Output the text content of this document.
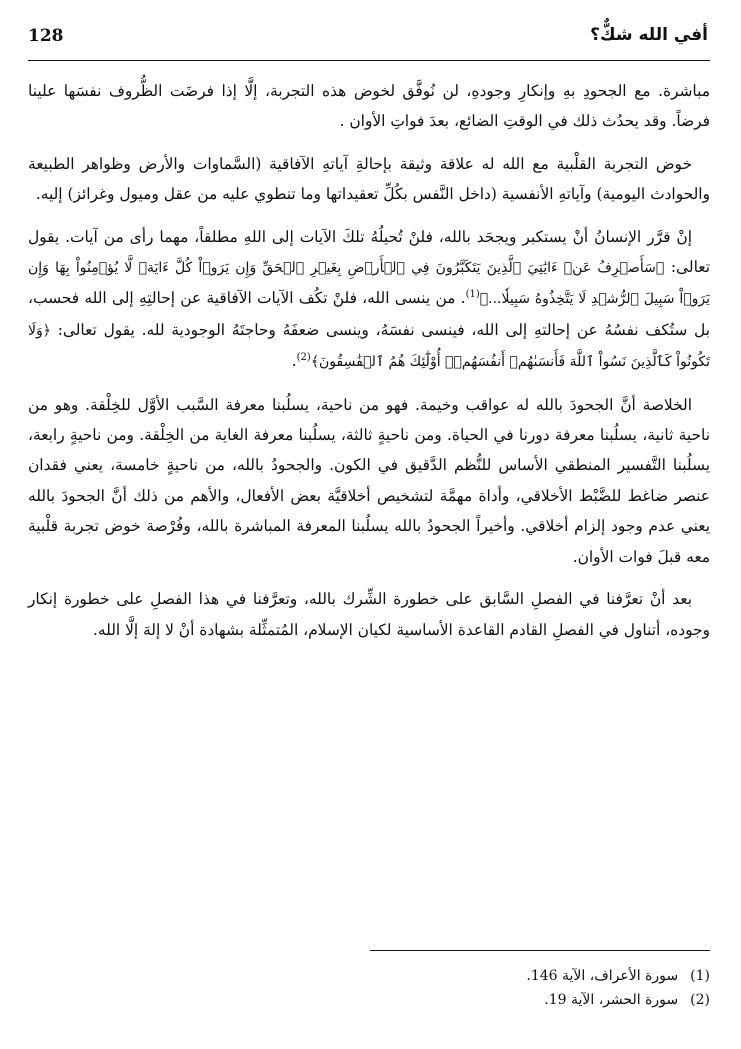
أفي الله شكٌّ؟
128

مباشرة. مع الجحودِ بهِ وإنكارِ وجودهِ، لن نُوفَّق لخوض هذه التجربة، إلَّا إذا فرضَت الظُّروف نفسَها علينا فرضاً. وقد يحدُث ذلك في الوقتِ الضائع، بعدَ فواتِ الأوان .

خوض التجربة القلْبية مع الله له علاقة وثيقة بإحالةِ آياتهِ الآفاقية (السَّماوات والأرض وظواهر الطبيعة والحوادث اليومية) وآياتهِ الأنفسية (داخل النَّفس بكُلِّ تعقيداتها وما تنطوي عليه من عقل وميول وغرائز) إليه.

إنْ قرَّر الإنسانُ أنْ يستكبر ويجحَد بالله، فلنْ تُحيلُهُ تلكَ الآيات إلى اللهِ مطلقاً، مهما رأى من آيات. يقول تعالى: ﴿سَأَصۡرِفُ عَنۡ ءَايَٰتِيَ ٱلَّذِينَ يَتَكَبَّرُونَ فِي ٱلۡأَرۡضِ بِغَيۡرِ ٱلۡحَقِّ وَإِن يَرَوۡاْ كُلَّ ءَايَةٖ لَّا يُؤۡمِنُواْ بِهَا وَإِن يَرَوۡاْ سَبِيلَ ٱلرُّشۡدِ لَا يَتَّخِذُوهُ سَبِيلٗا...﴾$^{(1)}$. من ينسى الله، فلنْ تكُف الآيات الآفاقية عن إحالتِهِ إلى الله فحسب، بل ستُكف نفسُهُ عن إحالتهِ إلى الله، فينسى نفسَهُ، وينسى ضعفَهُ وحاجتَهُ الوجودية لله. يقول تعالى: ﴿وَلَا تَكُونُواْ كَٱلَّذِينَ نَسُواْ ٱللَّهَ فَأَنسَىٰهُمۡ أَنفُسَهُمۡۚ أُوْلَٰٓئِكَ هُمُ ٱلۡفَٰسِقُونَ﴾$^{(2)}$.

الخلاصة أنَّ الجحودَ بالله له عواقب وخيمة. فهو من ناحية، يسلُبنا معرفة السَّبب الأوَّل للخِلْقة. وهو من ناحية ثانية، يسلُبنا معرفة دورنا في الحياة. ومن ناحيةٍ ثالثة، يسلُبنا معرفة الغاية من الخِلْقة. ومن ناحيةٍ رابعة، يسلُبنا التَّفسير المنطقي الأساس للنُّظم الدَّقيق في الكون. والجحودُ بالله، من ناحيةٍ خامسة، يعني فقدان عنصر ضاغط للضَّبْط الأخلاقي، وأداة مهمَّة لتشخيص أخلاقيَّة بعض الأفعال، والأهم من ذلك أنَّ الجحودَ بالله يعني عدم وجود إلزام أخلاقي. وأخيراً الجحودُ بالله يسلُبنا المعرفة المباشرة بالله، وفُرْصة خوض تجربة قلْبية معه قبلَ فوات الأوان.

بعد أنْ تعرَّفنا في الفصلِ السَّابق على خطورة الشِّرك بالله، وتعرَّفنا في هذا الفصلِ على خطورة إنكار وجوده، أتناول في الفصلِ القادم القاعدة الأساسية لكيان الإسلام، المُتمثِّلة بشهادة أنْ لا إلهَ إلَّا الله.

(1)سورة الأعراف، الآية 146.
(2)سورة الحشر، الآية 19.
